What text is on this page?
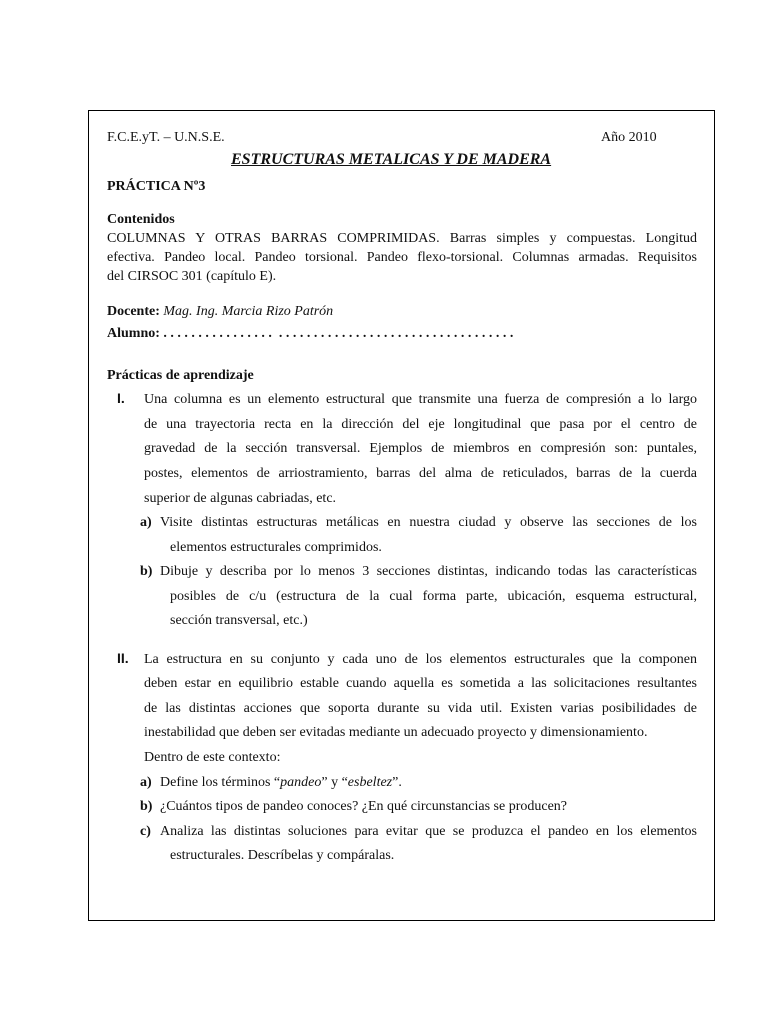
F.C.E.yT. – U.N.S.E.	Año 2010
ESTRUCTURAS METALICAS Y DE MADERA
PRÁCTICA Nº3
Contenidos
COLUMNAS Y OTRAS BARRAS COMPRIMIDAS. Barras simples y compuestas. Longitud
efectiva. Pandeo local. Pandeo torsional. Pandeo flexo-torsional. Columnas armadas. Requisitos
del CIRSOC 301 (capítulo E).
Docente: Mag. Ing. Marcia Rizo Patrón
Alumno: . . . . . . . . . . . . . . . .  . . . . . . . . . . . . . . . . . . . . . . . . . . . . . . . . . .
Prácticas de aprendizaje
I. Una columna es un elemento estructural que transmite una fuerza de compresión a lo largo
de una trayectoria recta en la dirección del eje longitudinal que pasa por el centro de
gravedad de la sección transversal. Ejemplos de miembros en compresión son: puntales,
postes, elementos de arriostramiento, barras del alma de reticulados, barras de la cuerda
superior de algunas cabriadas, etc.
a) Visite distintas estructuras metálicas en nuestra ciudad y observe las secciones de los
elementos estructurales comprimidos.
b) Dibuje y describa por lo menos 3 secciones distintas, indicando todas las características
posibles de c/u (estructura de la cual forma parte, ubicación, esquema estructural,
sección transversal, etc.)
II. La estructura en su conjunto y cada uno de los elementos estructurales que la componen
deben estar en equilibrio estable cuando aquella es sometida a las solicitaciones resultantes
de las distintas acciones que soporta durante su vida util. Existen varias posibilidades de
inestabilidad que deben ser evitadas mediante un adecuado proyecto y dimensionamiento.
Dentro de este contexto:
a) Define los términos “pandeo” y “esbeltez”.
b) ¿Cuántos tipos de pandeo conoces? ¿En qué circunstancias se producen?
c) Analiza las distintas soluciones para evitar que se produzca el pandeo en los elementos
estructurales. Descríbelas y compáralas.
